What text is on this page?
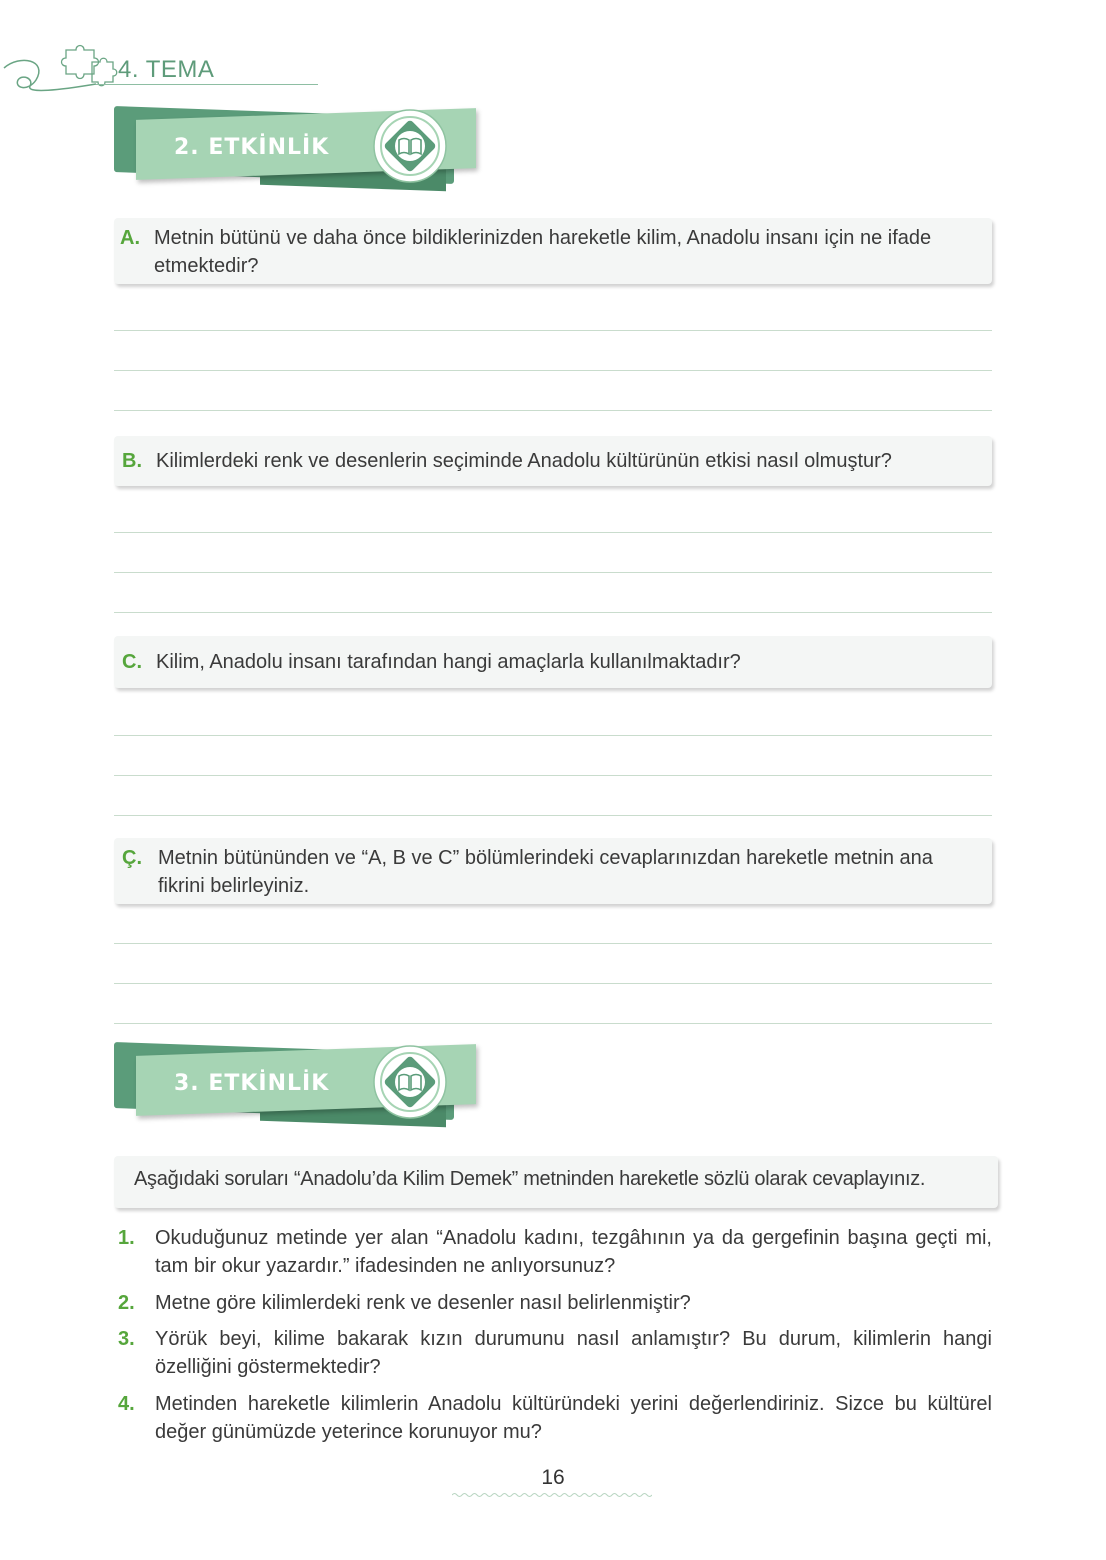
4. TEMA
2. ETKİNLİK
A. Metnin bütünü ve daha önce bildiklerinizden hareketle kilim, Anadolu insanı için ne ifade etmektedir?
B. Kilimlerdeki renk ve desenlerin seçiminde Anadolu kültürünün etkisi nasıl olmuştur?
C. Kilim, Anadolu insanı tarafından hangi amaçlarla kullanılmaktadır?
Ç. Metnin bütününden ve “A, B ve C” bölümlerindeki cevaplarınızdan hareketle metnin ana fikrini belirleyiniz.
3. ETKİNLİK
Aşağıdaki soruları “Anadolu’da Kilim Demek” metninden hareketle sözlü olarak cevaplayınız.
1. Okuduğunuz metinde yer alan “Anadolu kadını, tezgâhının ya da gergefinin başına geçti mi, tam bir okur yazardır.” ifadesinden ne anlıyorsunuz?
2. Metne göre kilimlerdeki renk ve desenler nasıl belirlenmiştir?
3. Yörük beyi, kilime bakarak kızın durumunu nasıl anlamıştır? Bu durum, kilimlerin hangi özelliğini göstermektedir?
4. Metinden hareketle kilimlerin Anadolu kültüründeki yerini değerlendiriniz. Sizce bu kültürel değer günümüzde yeterince korunuyor mu?
16
